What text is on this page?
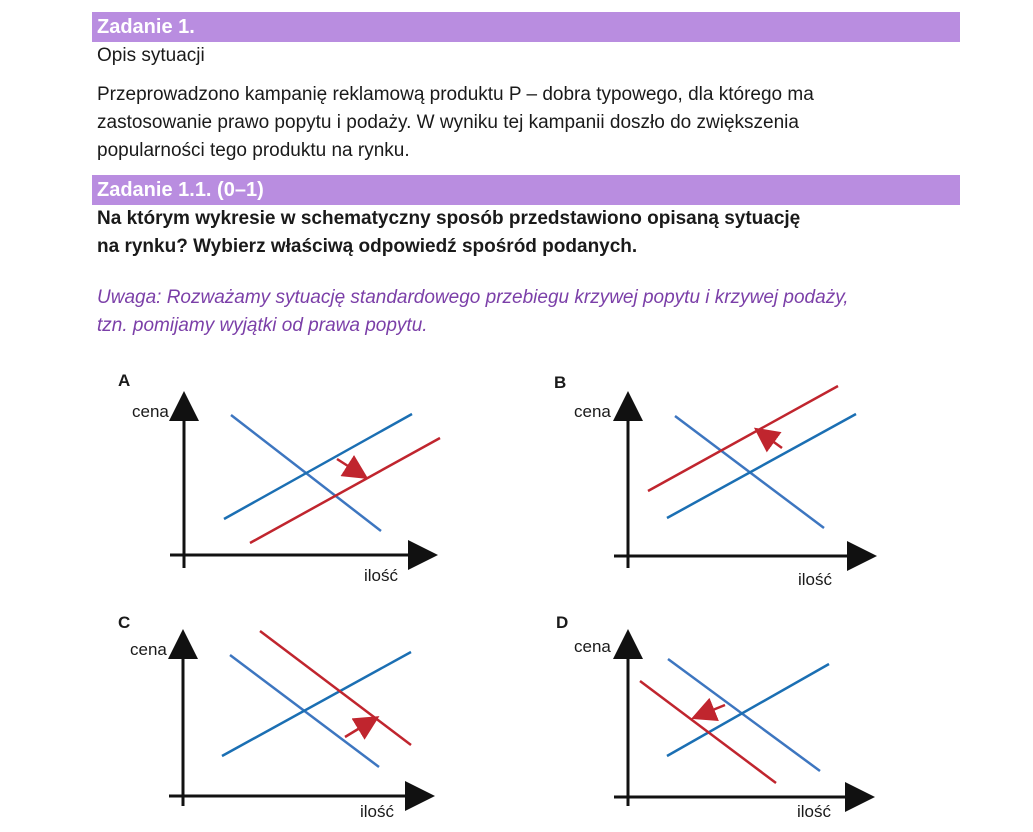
Zadanie 1.
Opis sytuacji
Przeprowadzono kampanię reklamową produktu P – dobra typowego, dla którego ma
zastosowanie prawo popytu i podaży. W wyniku tej kampanii doszło do zwiększenia
popularności tego produktu na rynku.
Zadanie 1.1. (0–1)
Na którym wykresie w schematyczny sposób przedstawiono opisaną sytuację
na rynku? Wybierz właściwą odpowiedź spośród podanych.
Uwaga: Rozważamy sytuację standardowego przebiegu krzywej popytu i krzywej podaży,
tzn. pomijamy wyjątki od prawa popytu.
A
cena
ilość
B
cena
ilość
C
cena
ilość
D
cena
ilość
